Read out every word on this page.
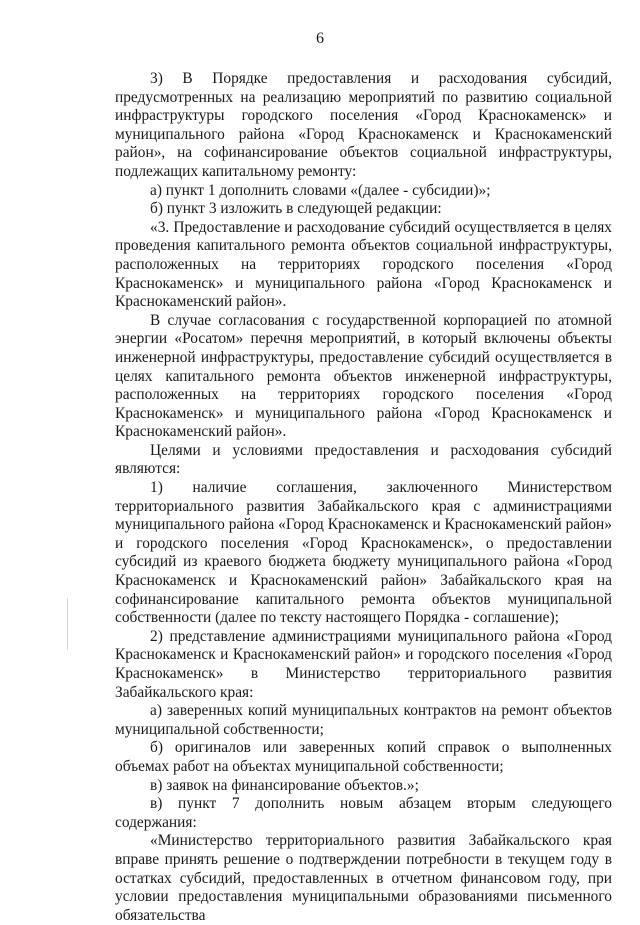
6

3) В Порядке предоставления и расходования субсидий, предусмотренных на реализацию мероприятий по развитию социальной инфраструктуры городского поселения «Город Краснокаменск» и муниципального района «Город Краснокаменск и Краснокаменский район», на софинансирование объектов социальной инфраструктуры, подлежащих капитальному ремонту:

а) пункт 1 дополнить словами «(далее - субсидии)»;

б) пункт 3 изложить в следующей редакции:

«3. Предоставление и расходование субсидий осуществляется в целях проведения капитального ремонта объектов социальной инфраструктуры, расположенных на территориях городского поселения «Город Краснокаменск» и муниципального района «Город Краснокаменск и Краснокаменский район».

В случае согласования с государственной корпорацией по атомной энергии «Росатом» перечня мероприятий, в который включены объекты инженерной инфраструктуры, предоставление субсидий осуществляется в целях капитального ремонта объектов инженерной инфраструктуры, расположенных на территориях городского поселения «Город Краснокаменск» и муниципального района «Город Краснокаменск и Краснокаменский район».

Целями и условиями предоставления и расходования субсидий являются:

1) наличие соглашения, заключенного Министерством территориального развития Забайкальского края с администрациями муниципального района «Город Краснокаменск и Краснокаменский район» и городского поселения «Город Краснокаменск», о предоставлении субсидий из краевого бюджета бюджету муниципального района «Город Краснокаменск и Краснокаменский район» Забайкальского края на софинансирование капитального ремонта объектов муниципальной собственности (далее по тексту настоящего Порядка - соглашение);

2) представление администрациями муниципального района «Город Краснокаменск и Краснокаменский район» и городского поселения «Город Краснокаменск» в Министерство территориального развития Забайкальского края:

а) заверенных копий муниципальных контрактов на ремонт объектов муниципальной собственности;

б) оригиналов или заверенных копий справок о выполненных объемах работ на объектах муниципальной собственности;

в) заявок на финансирование объектов.»;

в) пункт 7 дополнить новым абзацем вторым следующего содержания:

«Министерство территориального развития Забайкальского края вправе принять решение о подтверждении потребности в текущем году в остатках субсидий, предоставленных в отчетном финансовом году, при условии предоставления муниципальными образованиями письменного обязательства
